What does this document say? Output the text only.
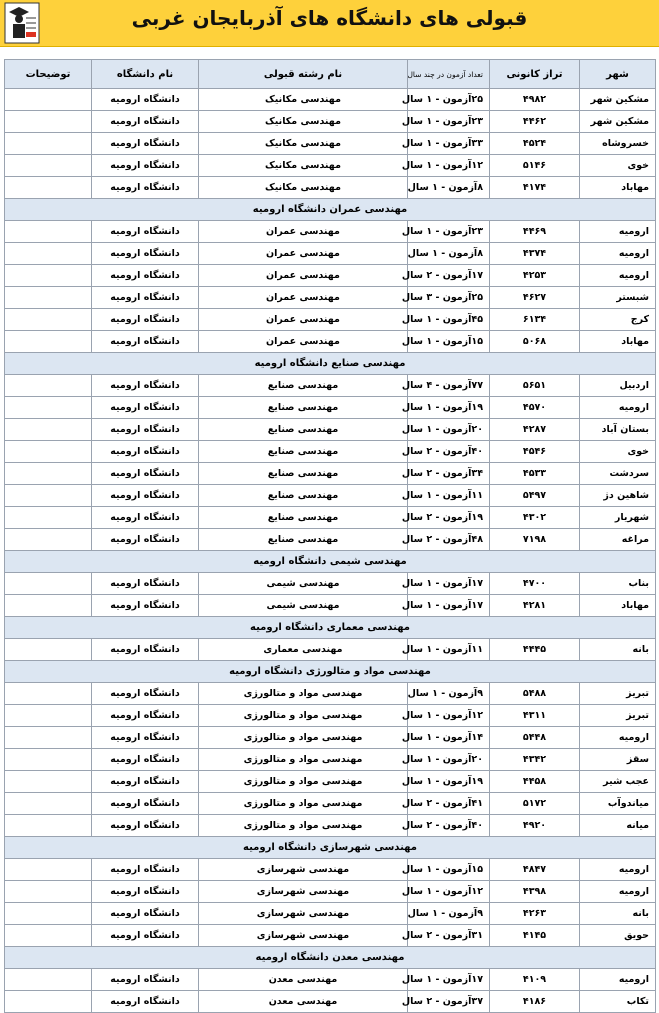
قبولی های دانشگاه های آذربایجان غربی
شهر	تراز کانونی	تعداد آزمون در چند سال	نام رشته قبولی	نام دانشگاه	توضیحات
مشکین شهر	۴۹۸۲	۲۵آزمون - ۱ سال	مهندسی مکانیک	دانشگاه ارومیه	
مشکین شهر	۴۴۶۲	۲۳آزمون - ۱ سال	مهندسی مکانیک	دانشگاه ارومیه	
خسروشاه	۴۵۲۴	۳۳آزمون - ۱ سال	مهندسی مکانیک	دانشگاه ارومیه	
خوی	۵۱۴۶	۱۲آزمون - ۱ سال	مهندسی مکانیک	دانشگاه ارومیه	
مهاباد	۴۱۷۴	۸آزمون - ۱ سال	مهندسی مکانیک	دانشگاه ارومیه	
مهندسی عمران دانشگاه ارومیه					
ارومیه	۴۴۶۹	۲۳آزمون - ۱ سال	مهندسی عمران	دانشگاه ارومیه	
ارومیه	۴۳۷۴	۸آزمون - ۱ سال	مهندسی عمران	دانشگاه ارومیه	
ارومیه	۴۲۵۳	۱۷آزمون - ۲ سال	مهندسی عمران	دانشگاه ارومیه	
شبستر	۴۶۲۷	۲۵آزمون - ۳ سال	مهندسی عمران	دانشگاه ارومیه	
کرج	۶۱۳۴	۴۵آزمون - ۱ سال	مهندسی عمران	دانشگاه ارومیه	
مهاباد	۵۰۶۸	۱۵آزمون - ۱ سال	مهندسی عمران	دانشگاه ارومیه	
مهندسی صنایع دانشگاه ارومیه					
اردبیل	۵۶۵۱	۷۷آزمون - ۴ سال	مهندسی صنایع	دانشگاه ارومیه	
ارومیه	۴۵۷۰	۱۹آزمون - ۱ سال	مهندسی صنایع	دانشگاه ارومیه	
بستان آباد	۴۲۸۷	۲۰آزمون - ۱ سال	مهندسی صنایع	دانشگاه ارومیه	
خوی	۴۵۴۶	۴۰آزمون - ۲ سال	مهندسی صنایع	دانشگاه ارومیه	
سردشت	۴۵۳۳	۳۴آزمون - ۲ سال	مهندسی صنایع	دانشگاه ارومیه	
شاهین دژ	۵۴۹۷	۱۱آزمون - ۱ سال	مهندسی صنایع	دانشگاه ارومیه	
شهریار	۴۳۰۲	۱۹آزمون - ۲ سال	مهندسی صنایع	دانشگاه ارومیه	
مراغه	۷۱۹۸	۴۸آزمون - ۲ سال	مهندسی صنایع	دانشگاه ارومیه	
مهندسی شیمی دانشگاه ارومیه					
بناب	۴۷۰۰	۱۷آزمون - ۱ سال	مهندسی شیمی	دانشگاه ارومیه	
مهاباد	۴۲۸۱	۱۷آزمون - ۱ سال	مهندسی شیمی	دانشگاه ارومیه	
مهندسی معماری دانشگاه ارومیه					
بانه	۴۴۴۵	۱۱آزمون - ۱ سال	مهندسی معماری	دانشگاه ارومیه	
مهندسی مواد و متالورژی دانشگاه ارومیه					
تبریز	۵۴۸۸	۹آزمون - ۱ سال	مهندسی مواد و متالورژی	دانشگاه ارومیه	
تبریز	۴۳۱۱	۱۲آزمون - ۱ سال	مهندسی مواد و متالورژی	دانشگاه ارومیه	
ارومیه	۵۴۴۸	۱۴آزمون - ۱ سال	مهندسی مواد و متالورژی	دانشگاه ارومیه	
سقز	۴۳۴۲	۲۰آزمون - ۱ سال	مهندسی مواد و متالورژی	دانشگاه ارومیه	
عجب شیر	۴۴۵۸	۱۹آزمون - ۱ سال	مهندسی مواد و متالورژی	دانشگاه ارومیه	
میاندوآب	۵۱۷۲	۴۱آزمون - ۲ سال	مهندسی مواد و متالورژی	دانشگاه ارومیه	
میانه	۴۹۲۰	۴۰آزمون - ۲ سال	مهندسی مواد و متالورژی	دانشگاه ارومیه	
مهندسی شهرسازی دانشگاه ارومیه					
ارومیه	۴۸۴۷	۱۵آزمون - ۱ سال	مهندسی شهرسازی	دانشگاه ارومیه	
ارومیه	۴۳۹۸	۱۲آزمون - ۱ سال	مهندسی شهرسازی	دانشگاه ارومیه	
بانه	۴۲۶۳	۹آزمون - ۱ سال	مهندسی شهرسازی	دانشگاه ارومیه	
حویق	۴۱۴۵	۳۱آزمون - ۲ سال	مهندسی شهرسازی	دانشگاه ارومیه	
مهندسی معدن دانشگاه ارومیه					
ارومیه	۴۱۰۹	۱۷آزمون - ۱ سال	مهندسی معدن	دانشگاه ارومیه	
تکاب	۴۱۸۶	۳۷آزمون - ۲ سال	مهندسی معدن	دانشگاه ارومیه	
